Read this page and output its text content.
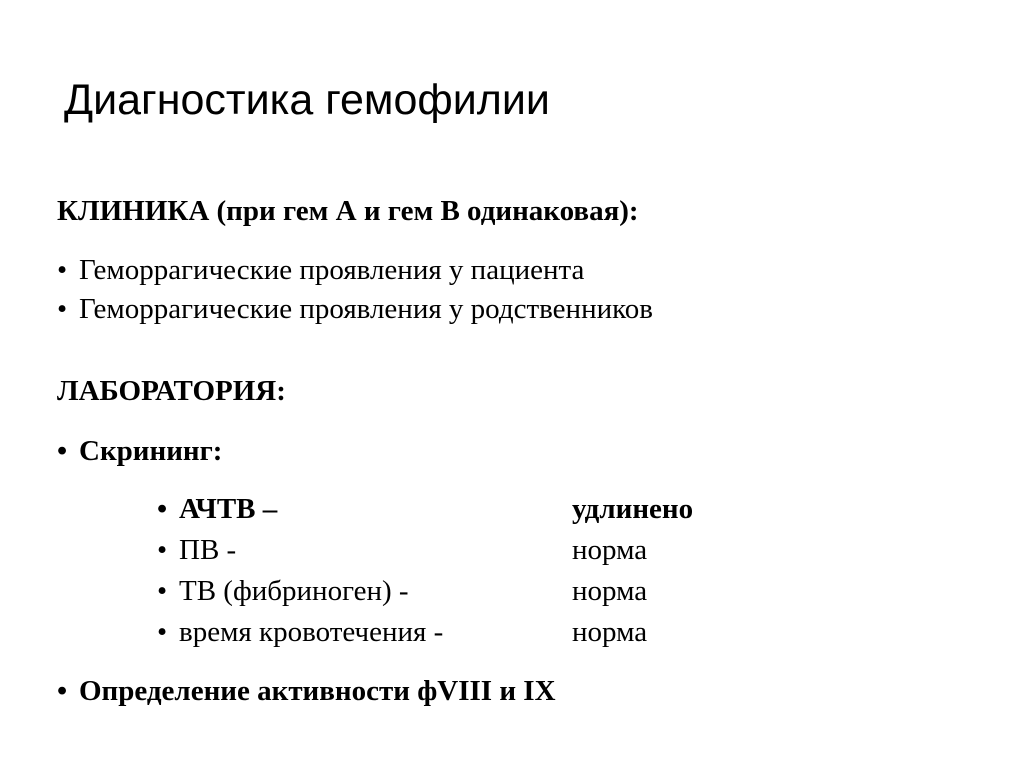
Диагностика гемофилии
КЛИНИКА (при гем А и гем В одинаковая):
• Геморрагические проявления у пациента
• Геморрагические проявления у родственников
ЛАБОРАТОРИЯ:
• Скрининг:
• АЧТВ –	удлинено
• ПВ -	норма
• ТВ (фибриноген) -	норма
• время кровотечения -	норма
• Определение активности фVIII и IX
